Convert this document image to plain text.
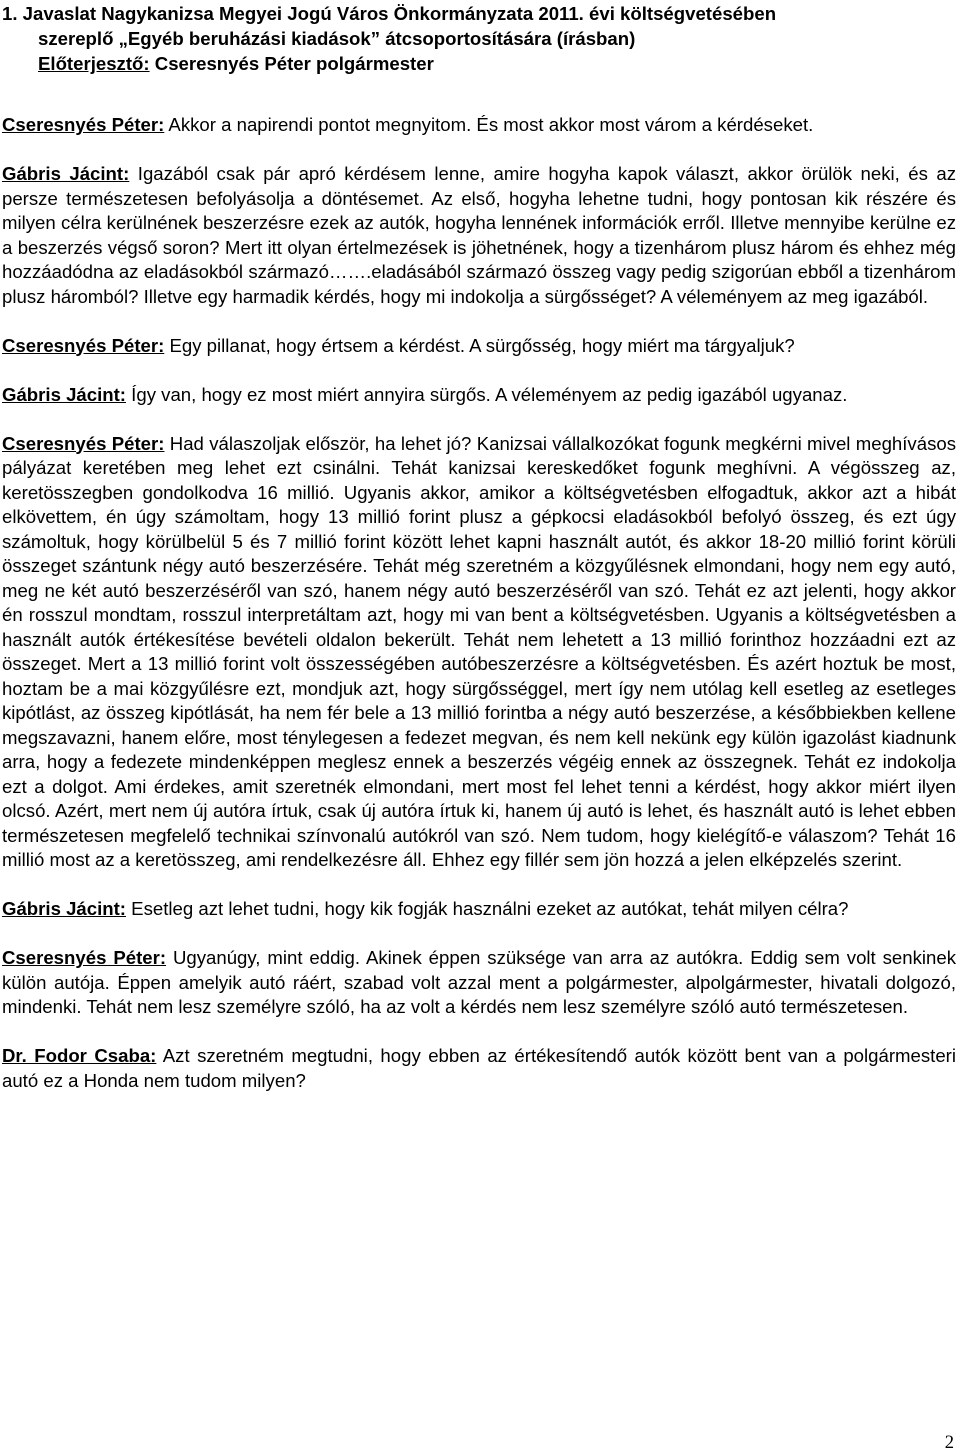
1. Javaslat Nagykanizsa Megyei Jogú Város Önkormányzata 2011. évi költségvetésében
szereplő „Egyéb beruházási kiadások” átcsoportosítására (írásban)
Előterjesztő: Cseresnyés Péter polgármester

Cseresnyés Péter: Akkor a napirendi pontot megnyitom. És most akkor most várom a kérdéseket.

Gábris Jácint: Igazából csak pár apró kérdésem lenne, amire hogyha kapok választ, akkor örülök neki, és az persze természetesen befolyásolja a döntésemet. Az első, hogyha lehetne tudni, hogy pontosan kik részére és milyen célra kerülnének beszerzésre ezek az autók, hogyha lennének információk erről. Illetve mennyibe kerülne ez a beszerzés végső soron? Mert itt olyan értelmezések is jöhetnének, hogy a tizenhárom plusz három és ehhez még hozzáadódna az eladásokból származó…….eladásából származó összeg vagy pedig szigorúan ebből a tizenhárom plusz háromból? Illetve egy harmadik kérdés, hogy mi indokolja a sürgősséget? A véleményem az meg igazából.

Cseresnyés Péter: Egy pillanat, hogy értsem a kérdést. A sürgősség, hogy miért ma tárgyaljuk?

Gábris Jácint: Így van, hogy ez most miért annyira sürgős. A véleményem az pedig igazából ugyanaz.

Cseresnyés Péter: Had válaszoljak először, ha lehet jó? Kanizsai vállalkozókat fogunk megkérni mivel meghívásos pályázat keretében meg lehet ezt csinálni. Tehát kanizsai kereskedőket fogunk meghívni. A végösszeg az, keretösszegben gondolkodva 16 millió. Ugyanis akkor, amikor a költségvetésben elfogadtuk, akkor azt a hibát elkövettem, én úgy számoltam, hogy 13 millió forint plusz a gépkocsi eladásokból befolyó összeg, és ezt úgy számoltuk, hogy körülbelül 5 és 7 millió forint között lehet kapni használt autót, és akkor 18-20 millió forint körüli összeget szántunk négy autó beszerzésére. Tehát még szeretném a közgyűlésnek elmondani, hogy nem egy autó, meg ne két autó beszerzéséről van szó, hanem négy autó beszerzéséről van szó. Tehát ez azt jelenti, hogy akkor én rosszul mondtam, rosszul interpretáltam azt, hogy mi van bent a költségvetésben. Ugyanis a költségvetésben a használt autók értékesítése bevételi oldalon bekerült. Tehát nem lehetett a 13 millió forinthoz hozzáadni ezt az összeget. Mert a 13 millió forint volt összességében autóbeszerzésre a költségvetésben. És azért hoztuk be most, hoztam be a mai közgyűlésre ezt, mondjuk azt, hogy sürgősséggel, mert így nem utólag kell esetleg az esetleges kipótlást, az összeg kipótlását, ha nem fér bele a 13 millió forintba a négy autó beszerzése, a későbbiekben kellene megszavazni, hanem előre, most ténylegesen a fedezet megvan, és nem kell nekünk egy külön igazolást kiadnunk arra, hogy a fedezete mindenképpen meglesz ennek a beszerzés végéig ennek az összegnek. Tehát ez indokolja ezt a dolgot. Ami érdekes, amit szeretnék elmondani, mert most fel lehet tenni a kérdést, hogy akkor miért ilyen olcsó. Azért, mert nem új autóra írtuk, csak új autóra írtuk ki, hanem új autó is lehet, és használt autó is lehet ebben természetesen megfelelő technikai színvonalú autókról van szó. Nem tudom, hogy kielégítő-e válaszom? Tehát 16 millió most az a keretösszeg, ami rendelkezésre áll. Ehhez egy fillér sem jön hozzá a jelen elképzelés szerint.

Gábris Jácint: Esetleg azt lehet tudni, hogy kik fogják használni ezeket az autókat, tehát milyen célra?

Cseresnyés Péter: Ugyanúgy, mint eddig. Akinek éppen szüksége van arra az autókra. Eddig sem volt senkinek külön autója. Éppen amelyik autó ráért, szabad volt azzal ment a polgármester, alpolgármester, hivatali dolgozó, mindenki. Tehát nem lesz személyre szóló, ha az volt a kérdés nem lesz személyre szóló autó természetesen.

Dr. Fodor Csaba: Azt szeretném megtudni, hogy ebben az értékesítendő autók között bent van a polgármesteri autó ez a Honda nem tudom milyen?

2
